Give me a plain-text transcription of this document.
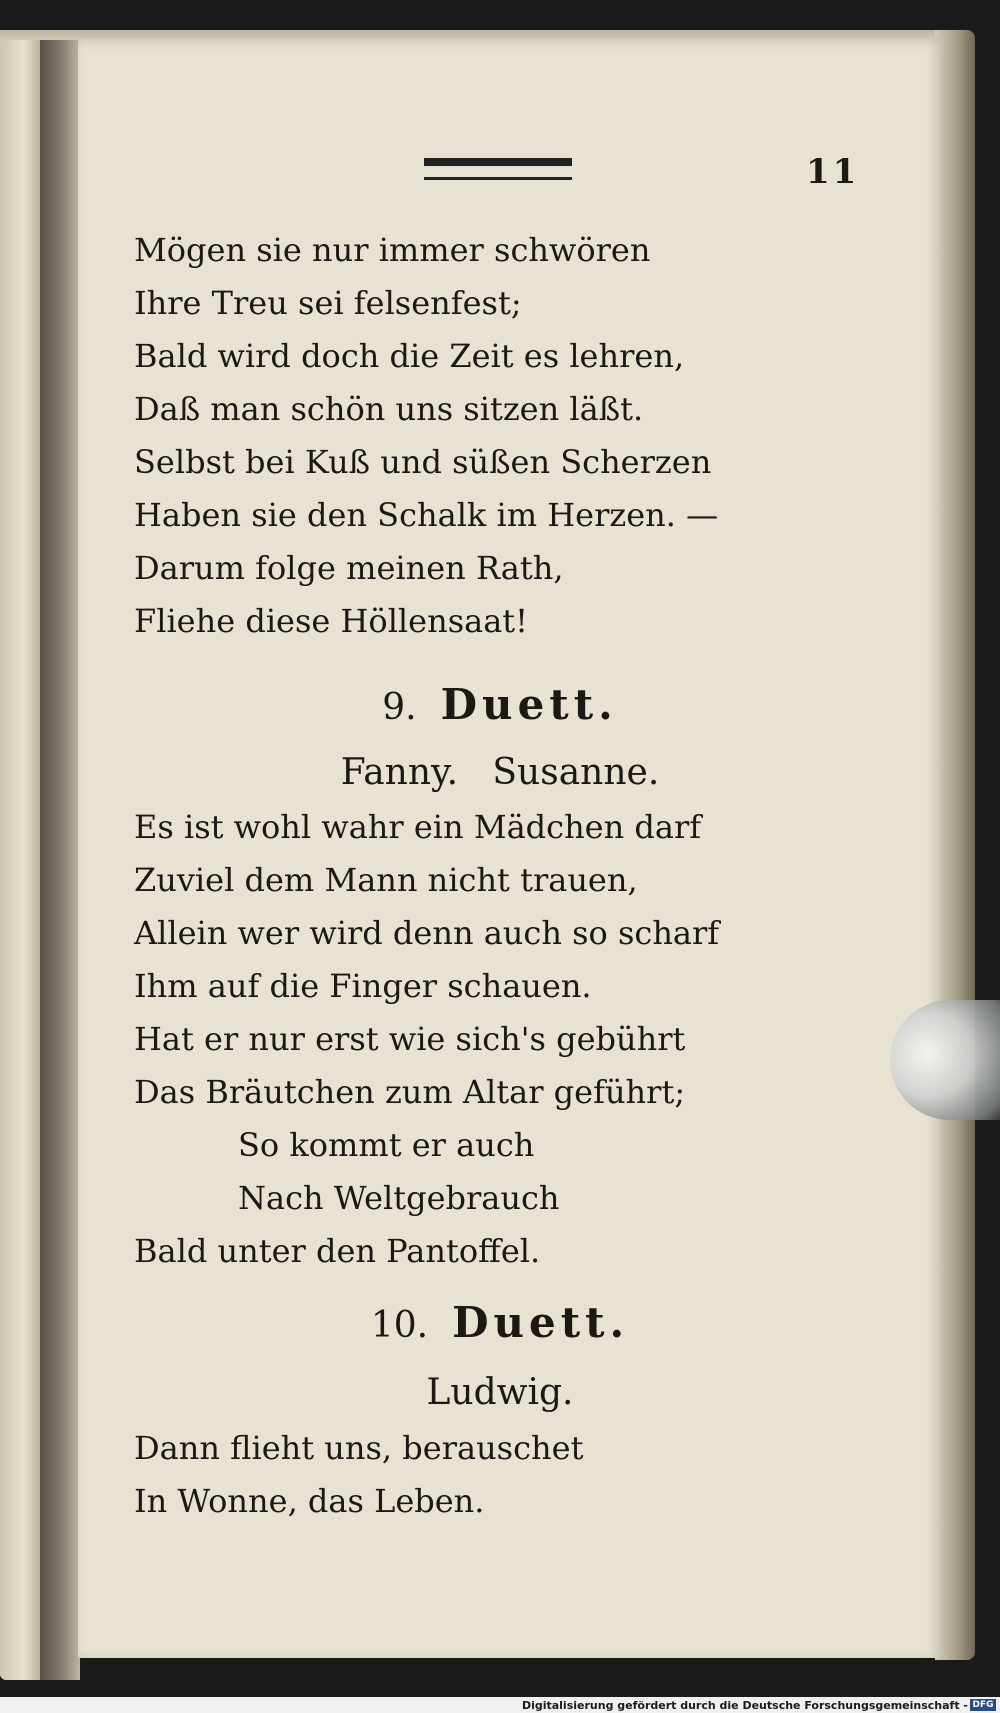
11
Mögen sie nur immer schwören
Ihre Treu sei felsenfest;
Bald wird doch die Zeit es lehren,
Daß man schön uns sitzen läßt.
Selbst bei Kuß und süßen Scherzen
Haben sie den Schalk im Herzen. —
Darum folge meinen Rath,
Fliehe diese Höllensaat!
9. Duett.
Fanny.   Susanne.
Es ist wohl wahr ein Mädchen darf
Zuviel dem Mann nicht trauen,
Allein wer wird denn auch so scharf
Ihm auf die Finger schauen.
Hat er nur erst wie sich's gebührt
Das Bräutchen zum Altar geführt;
So kommt er auch
Nach Weltgebrauch
Bald unter den Pantoffel.
10. Duett.
Ludwig.
Dann flieht uns, berauschet
In Wonne, das Leben.
Digitalisierung gefördert durch die Deutsche Forschungsgemeinschaft - DFG
